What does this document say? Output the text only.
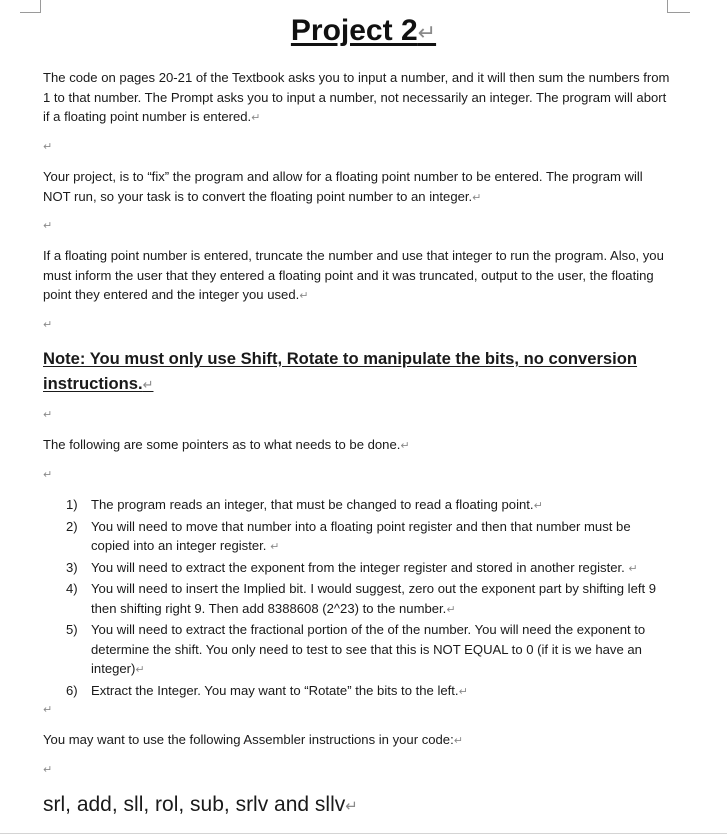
Project 2↵

The code on pages 20-21 of the Textbook asks you to input a number, and it will then sum the numbers from 1 to that number. The Prompt asks you to input a number, not necessarily an integer. The program will abort if a floating point number is entered.↵

↵

Your project, is to “fix” the program and allow for a floating point number to be entered. The program will NOT run, so your task is to convert the floating point number to an integer.↵

↵

If a floating point number is entered, truncate the number and use that integer to run the program. Also, you must inform the user that they entered a floating point and it was truncated, output to the user, the floating point they entered and the integer you used.↵

↵

Note: You must only use Shift, Rotate to manipulate the bits, no conversion instructions.↵

↵

The following are some pointers as to what needs to be done.↵

↵

1) The program reads an integer, that must be changed to read a floating point.↵
2) You will need to move that number into a floating point register and then that number must be copied into an integer register. ↵
3) You will need to extract the exponent from the integer register and stored in another register. ↵
4) You will need to insert the Implied bit. I would suggest, zero out the exponent part by shifting left 9 then shifting right 9. Then add 8388608 (2^23) to the number.↵
5) You will need to extract the fractional portion of the of the number. You will need the exponent to determine the shift. You only need to test to see that this is NOT EQUAL to 0 (if it is we have an integer)↵
6) Extract the Integer. You may want to “Rotate” the bits to the left.↵

↵

You may want to use the following Assembler instructions in your code:↵

↵

srl, add, sll, rol, sub, srlv and sllv↵
